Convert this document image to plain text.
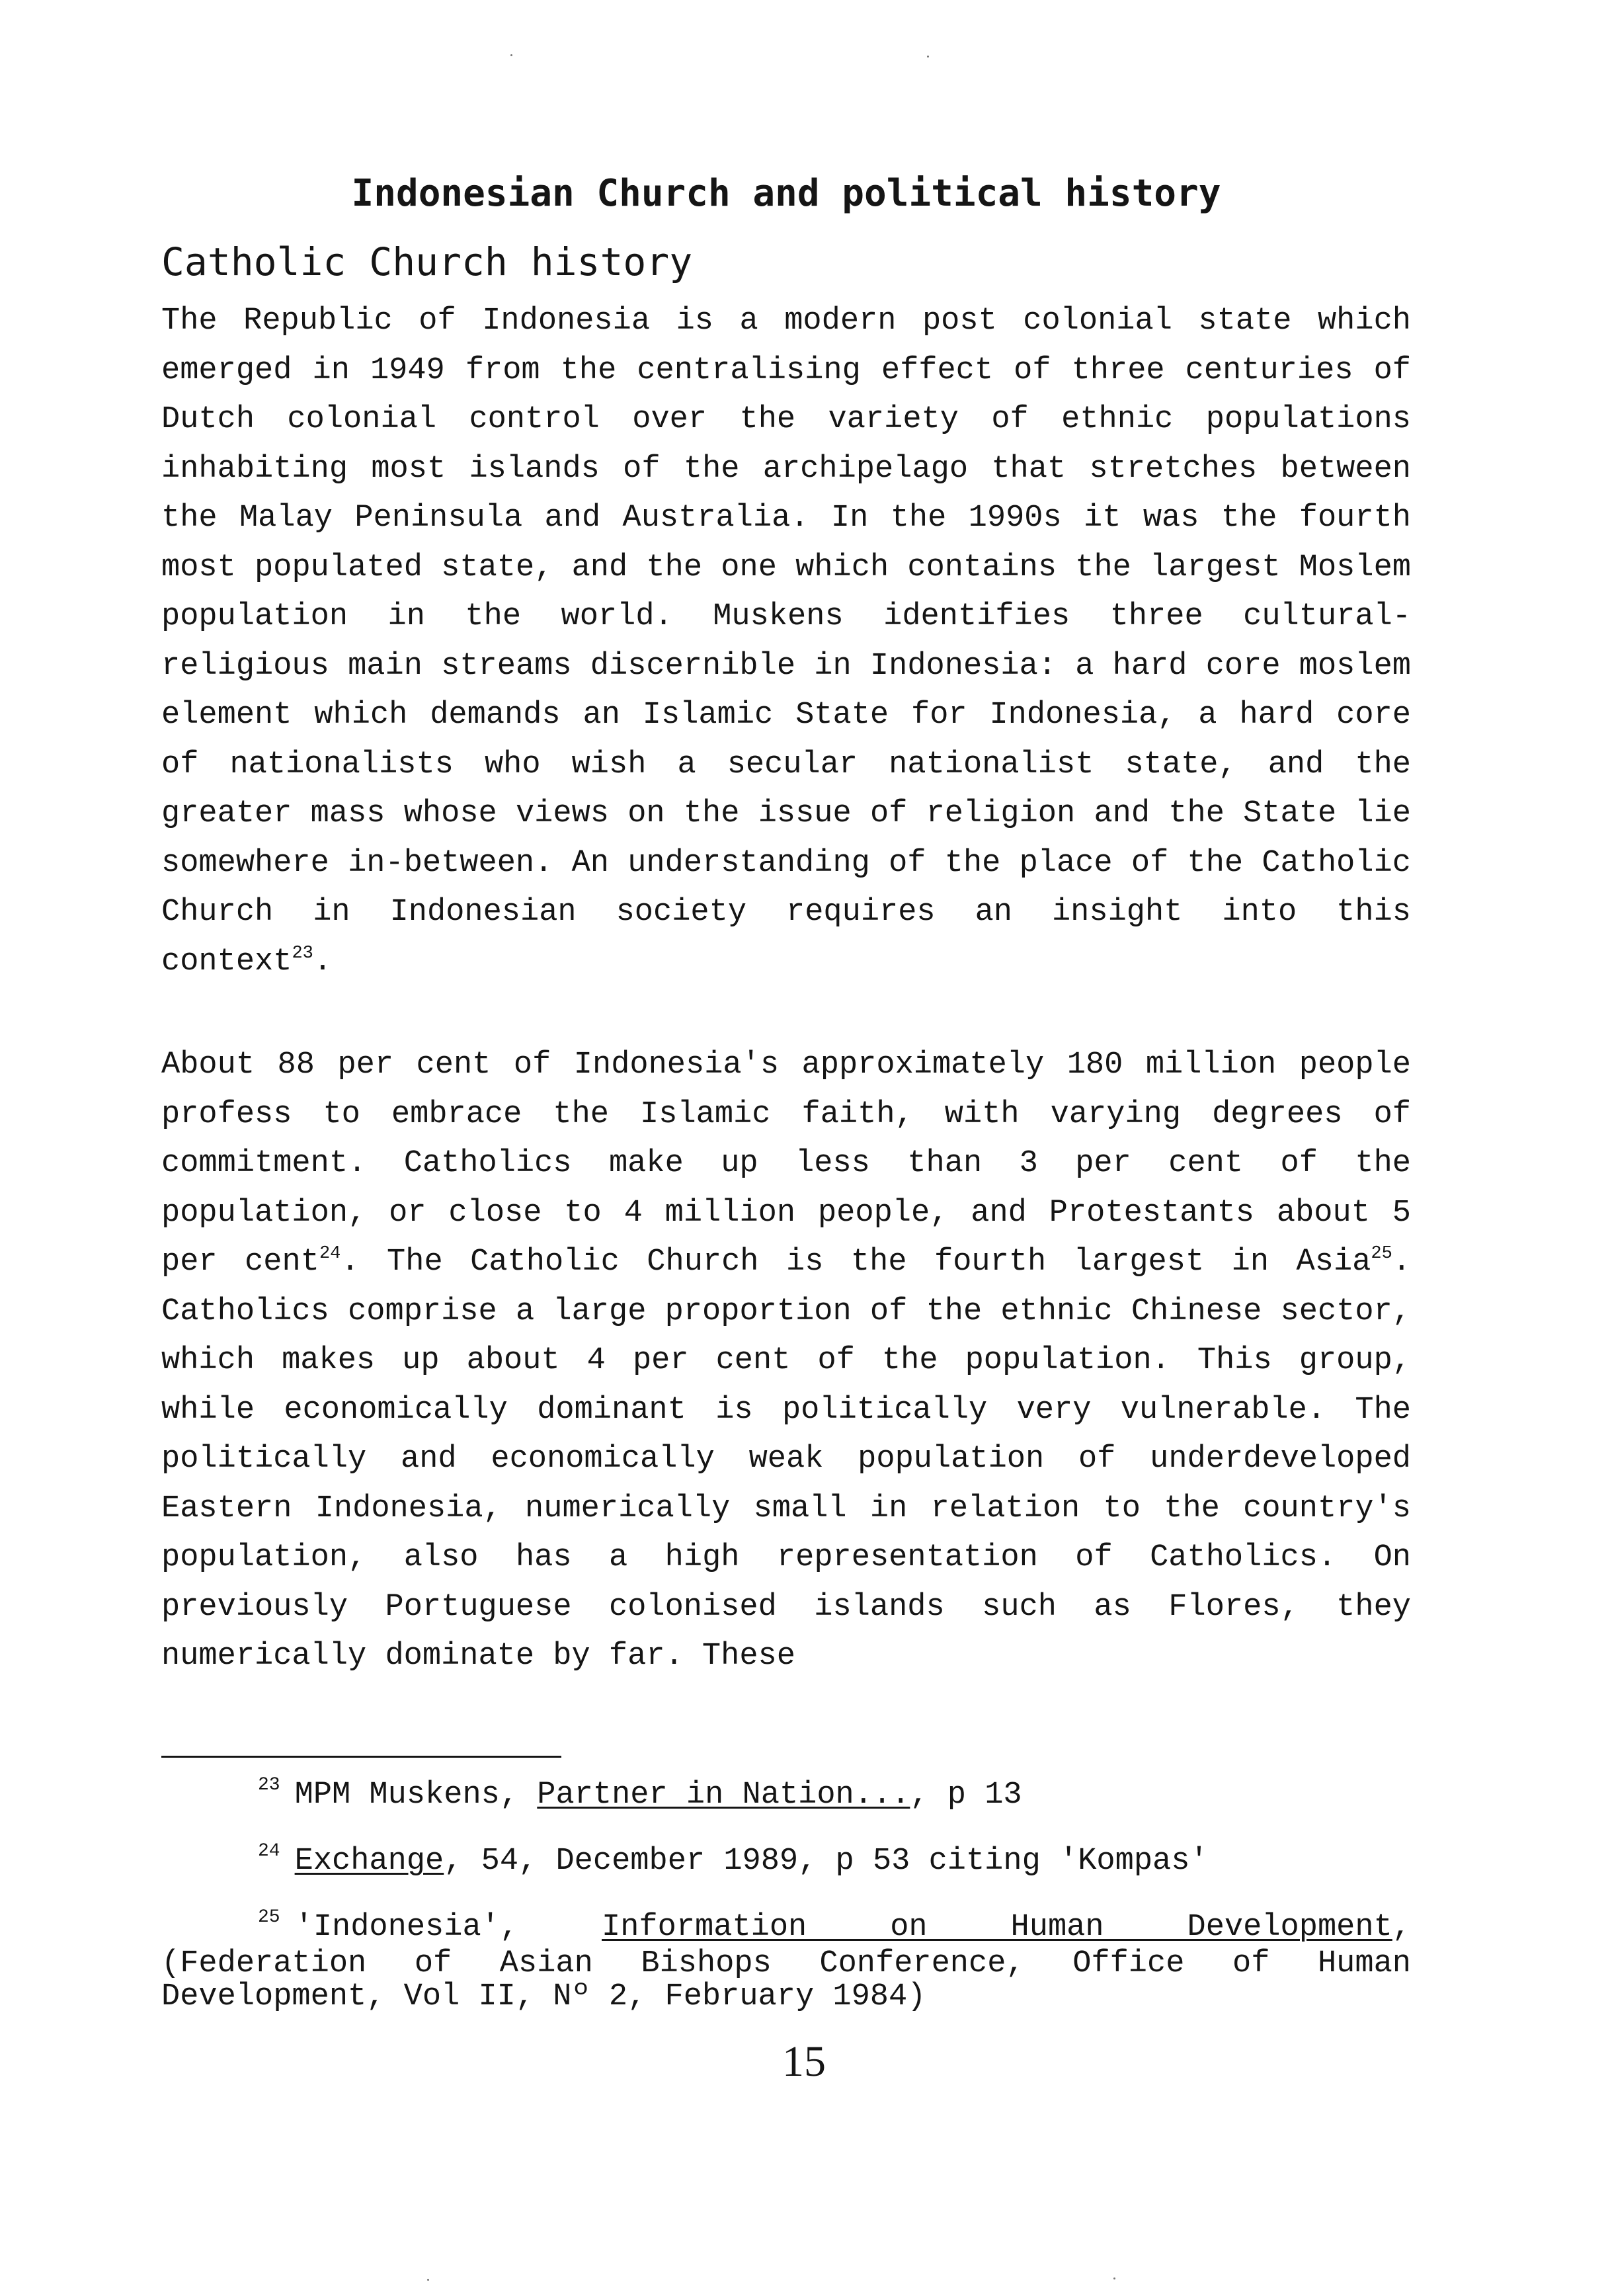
Indonesian Church and political history
Catholic Church history

The Republic of Indonesia is a modern post colonial state which emerged in 1949 from the centralising effect of three centuries of Dutch colonial control over the variety of ethnic populations inhabiting most islands of the archipelago that stretches between the Malay Peninsula and Australia. In the 1990s it was the fourth most populated state, and the one which contains the largest Moslem population in the world. Muskens identifies three cultural-religious main streams discernible in Indonesia: a hard core moslem element which demands an Islamic State for Indonesia, a hard core of nationalists who wish a secular nationalist state, and the greater mass whose views on the issue of religion and the State lie somewhere in-between. An understanding of the place of the Catholic Church in Indonesian society requires an insight into this context$^{23}$.

About 88 per cent of Indonesia's approximately 180 million people profess to embrace the Islamic faith, with varying degrees of commitment. Catholics make up less than 3 per cent of the population, or close to 4 million people, and Protestants about 5 per cent$^{24}$. The Catholic Church is the fourth largest in Asia$^{25}$. Catholics comprise a large proportion of the ethnic Chinese sector, which makes up about 4 per cent of the population. This group, while economically dominant is politically very vulnerable. The politically and economically weak population of underdeveloped Eastern Indonesia, numerically small in relation to the country's population, also has a high representation of Catholics. On previously Portuguese colonised islands such as Flores, they numerically dominate by far. These

$^{23}$ MPM Muskens, Partner in Nation..., p 13

$^{24}$ Exchange, 54, December 1989, p 53 citing 'Kompas'

$^{25}$ 'Indonesia', Information on Human Development,
(Federation of Asian Bishops Conference, Office of Human
Development, Vol II, Nº 2, February 1984)

15
